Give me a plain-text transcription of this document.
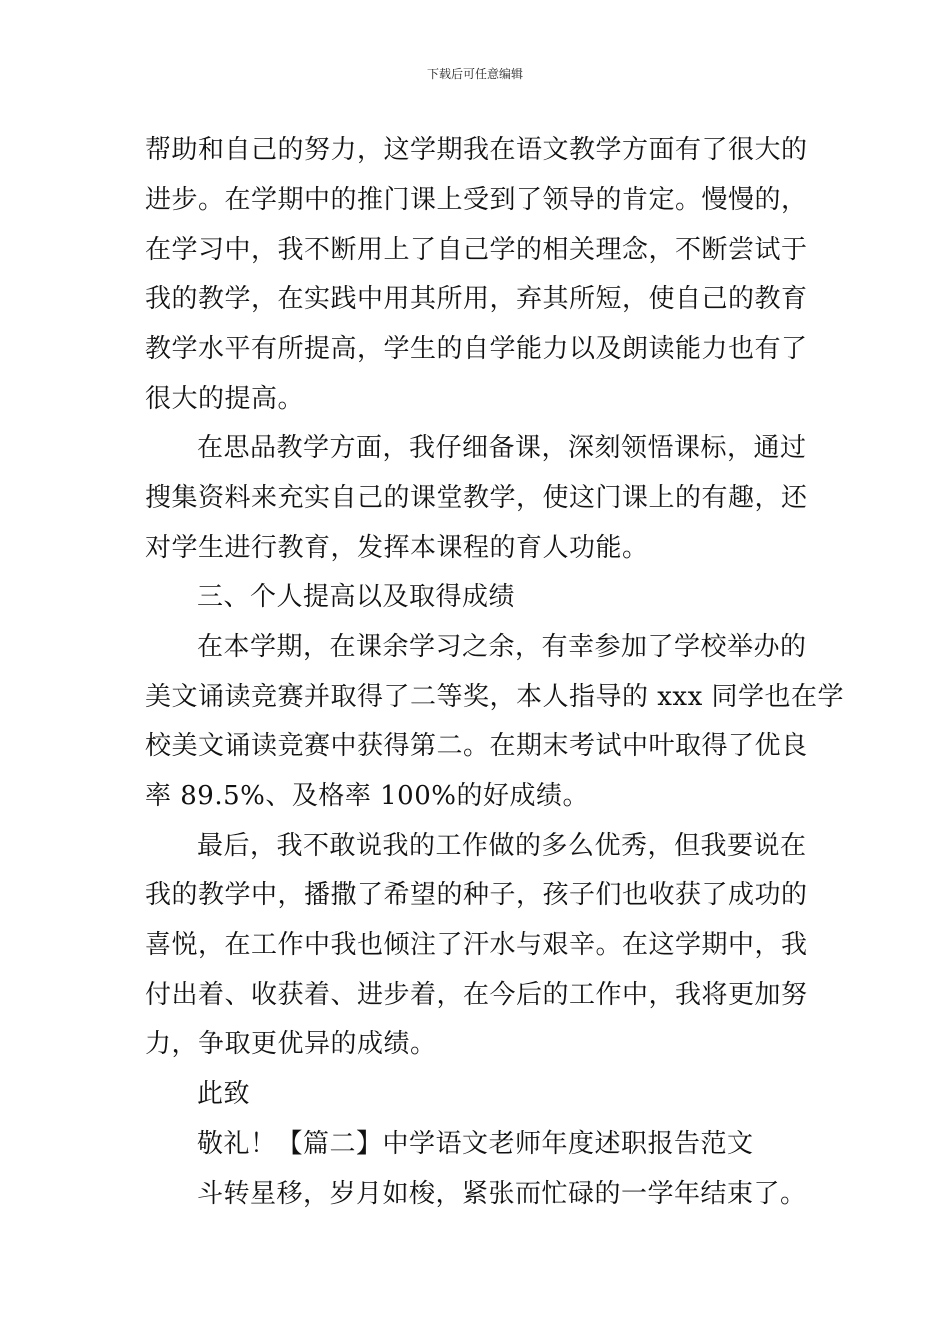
下载后可任意编辑
帮助和自己的努力，这学期我在语文教学方面有了很大的
进步。在学期中的推门课上受到了领导的肯定。慢慢的，
在学习中，我不断用上了自己学的相关理念，不断尝试于
我的教学，在实践中用其所用，弃其所短，使自己的教育
教学水平有所提高，学生的自学能力以及朗读能力也有了
很大的提高。
在思品教学方面，我仔细备课，深刻领悟课标，通过
搜集资料来充实自己的课堂教学，使这门课上的有趣，还
对学生进行教育，发挥本课程的育人功能。
三、个人提高以及取得成绩
在本学期，在课余学习之余，有幸参加了学校举办的
美文诵读竞赛并取得了二等奖，本人指导的 xxx 同学也在学
校美文诵读竞赛中获得第二。在期末考试中叶取得了优良
率 89.5%、及格率 100%的好成绩。
最后，我不敢说我的工作做的多么优秀，但我要说在
我的教学中，播撒了希望的种子，孩子们也收获了成功的
喜悦，在工作中我也倾注了汗水与艰辛。在这学期中，我
付出着、收获着、进步着，在今后的工作中，我将更加努
力，争取更优异的成绩。
此致
敬礼！【篇二】中学语文老师年度述职报告范文
斗转星移，岁月如梭，紧张而忙碌的一学年结束了。
